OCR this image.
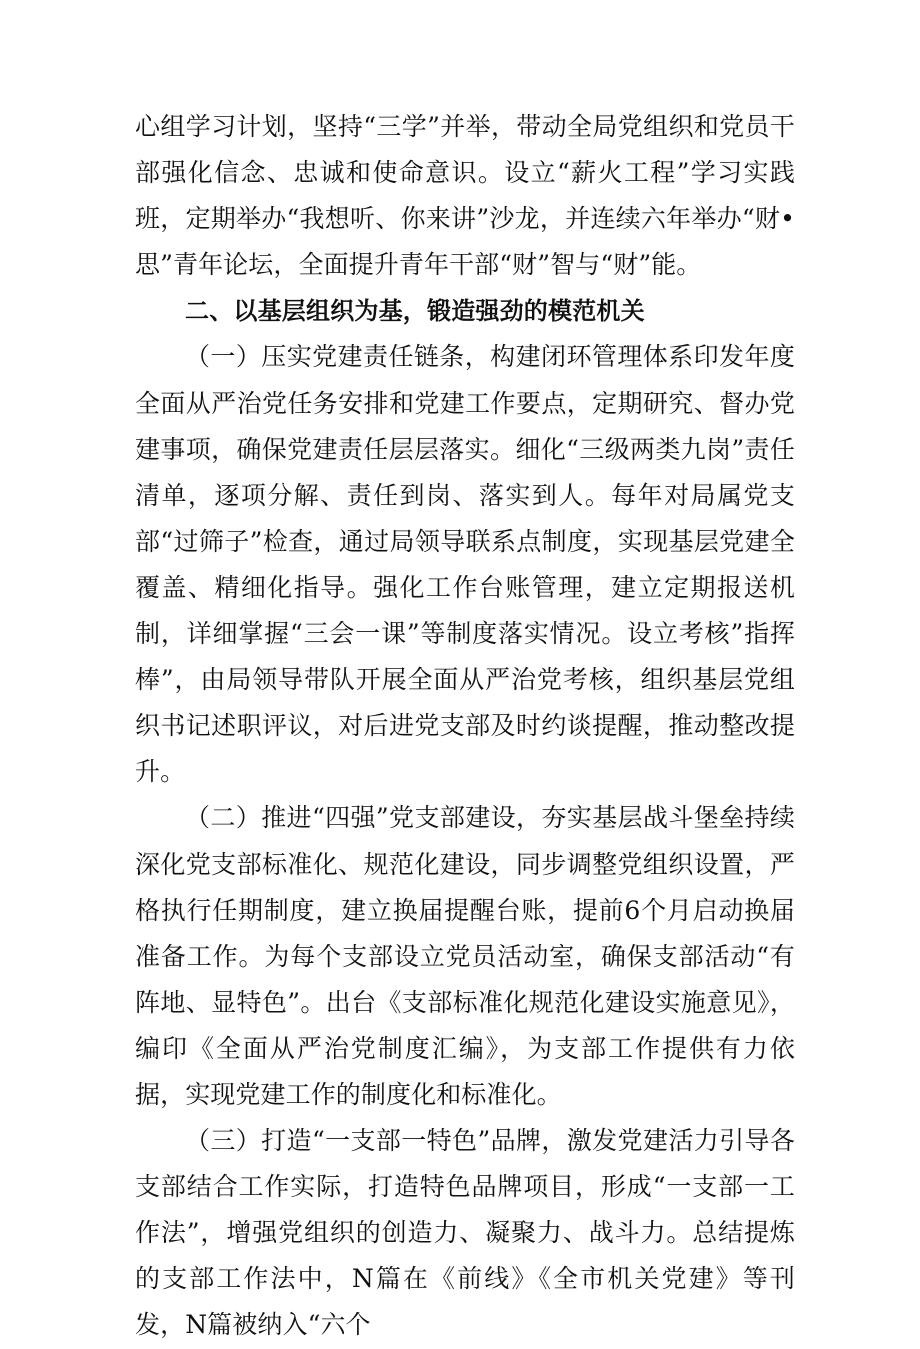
心组学习计划，坚持“三学”并举，带动全局党组织和党员干部强化信念、忠诚和使命意识。设立“薪火工程”学习实践班，定期举办“我想听、你来讲”沙龙，并连续六年举办“财•思”青年论坛，全面提升青年干部“财”智与“财”能。

二、以基层组织为基，锻造强劲的模范机关

（一）压实党建责任链条，构建闭环管理体系印发年度全面从严治党任务安排和党建工作要点，定期研究、督办党建事项，确保党建责任层层落实。细化“三级两类九岗”责任清单，逐项分解、责任到岗、落实到人。每年对局属党支部“过筛子”检查，通过局领导联系点制度，实现基层党建全覆盖、精细化指导。强化工作台账管理，建立定期报送机制，详细掌握“三会一课”等制度落实情况。设立考核”指挥棒”，由局领导带队开展全面从严治党考核，组织基层党组织书记述职评议，对后进党支部及时约谈提醒，推动整改提升。

（二）推进“四强”党支部建设，夯实基层战斗堡垒持续深化党支部标准化、规范化建设，同步调整党组织设置，严格执行任期制度，建立换届提醒台账，提前6个月启动换届准备工作。为每个支部设立党员活动室，确保支部活动“有阵地、显特色”。出台《支部标准化规范化建设实施意见》，编印《全面从严治党制度汇编》，为支部工作提供有力依据，实现党建工作的制度化和标准化。

（三）打造“一支部一特色”品牌，激发党建活力引导各支部结合工作实际，打造特色品牌项目，形成“一支部一工作法”，增强党组织的创造力、凝聚力、战斗力。总结提炼的支部工作法中，N篇在《前线》《全市机关党建》等刊发，N篇被纳入“六个
